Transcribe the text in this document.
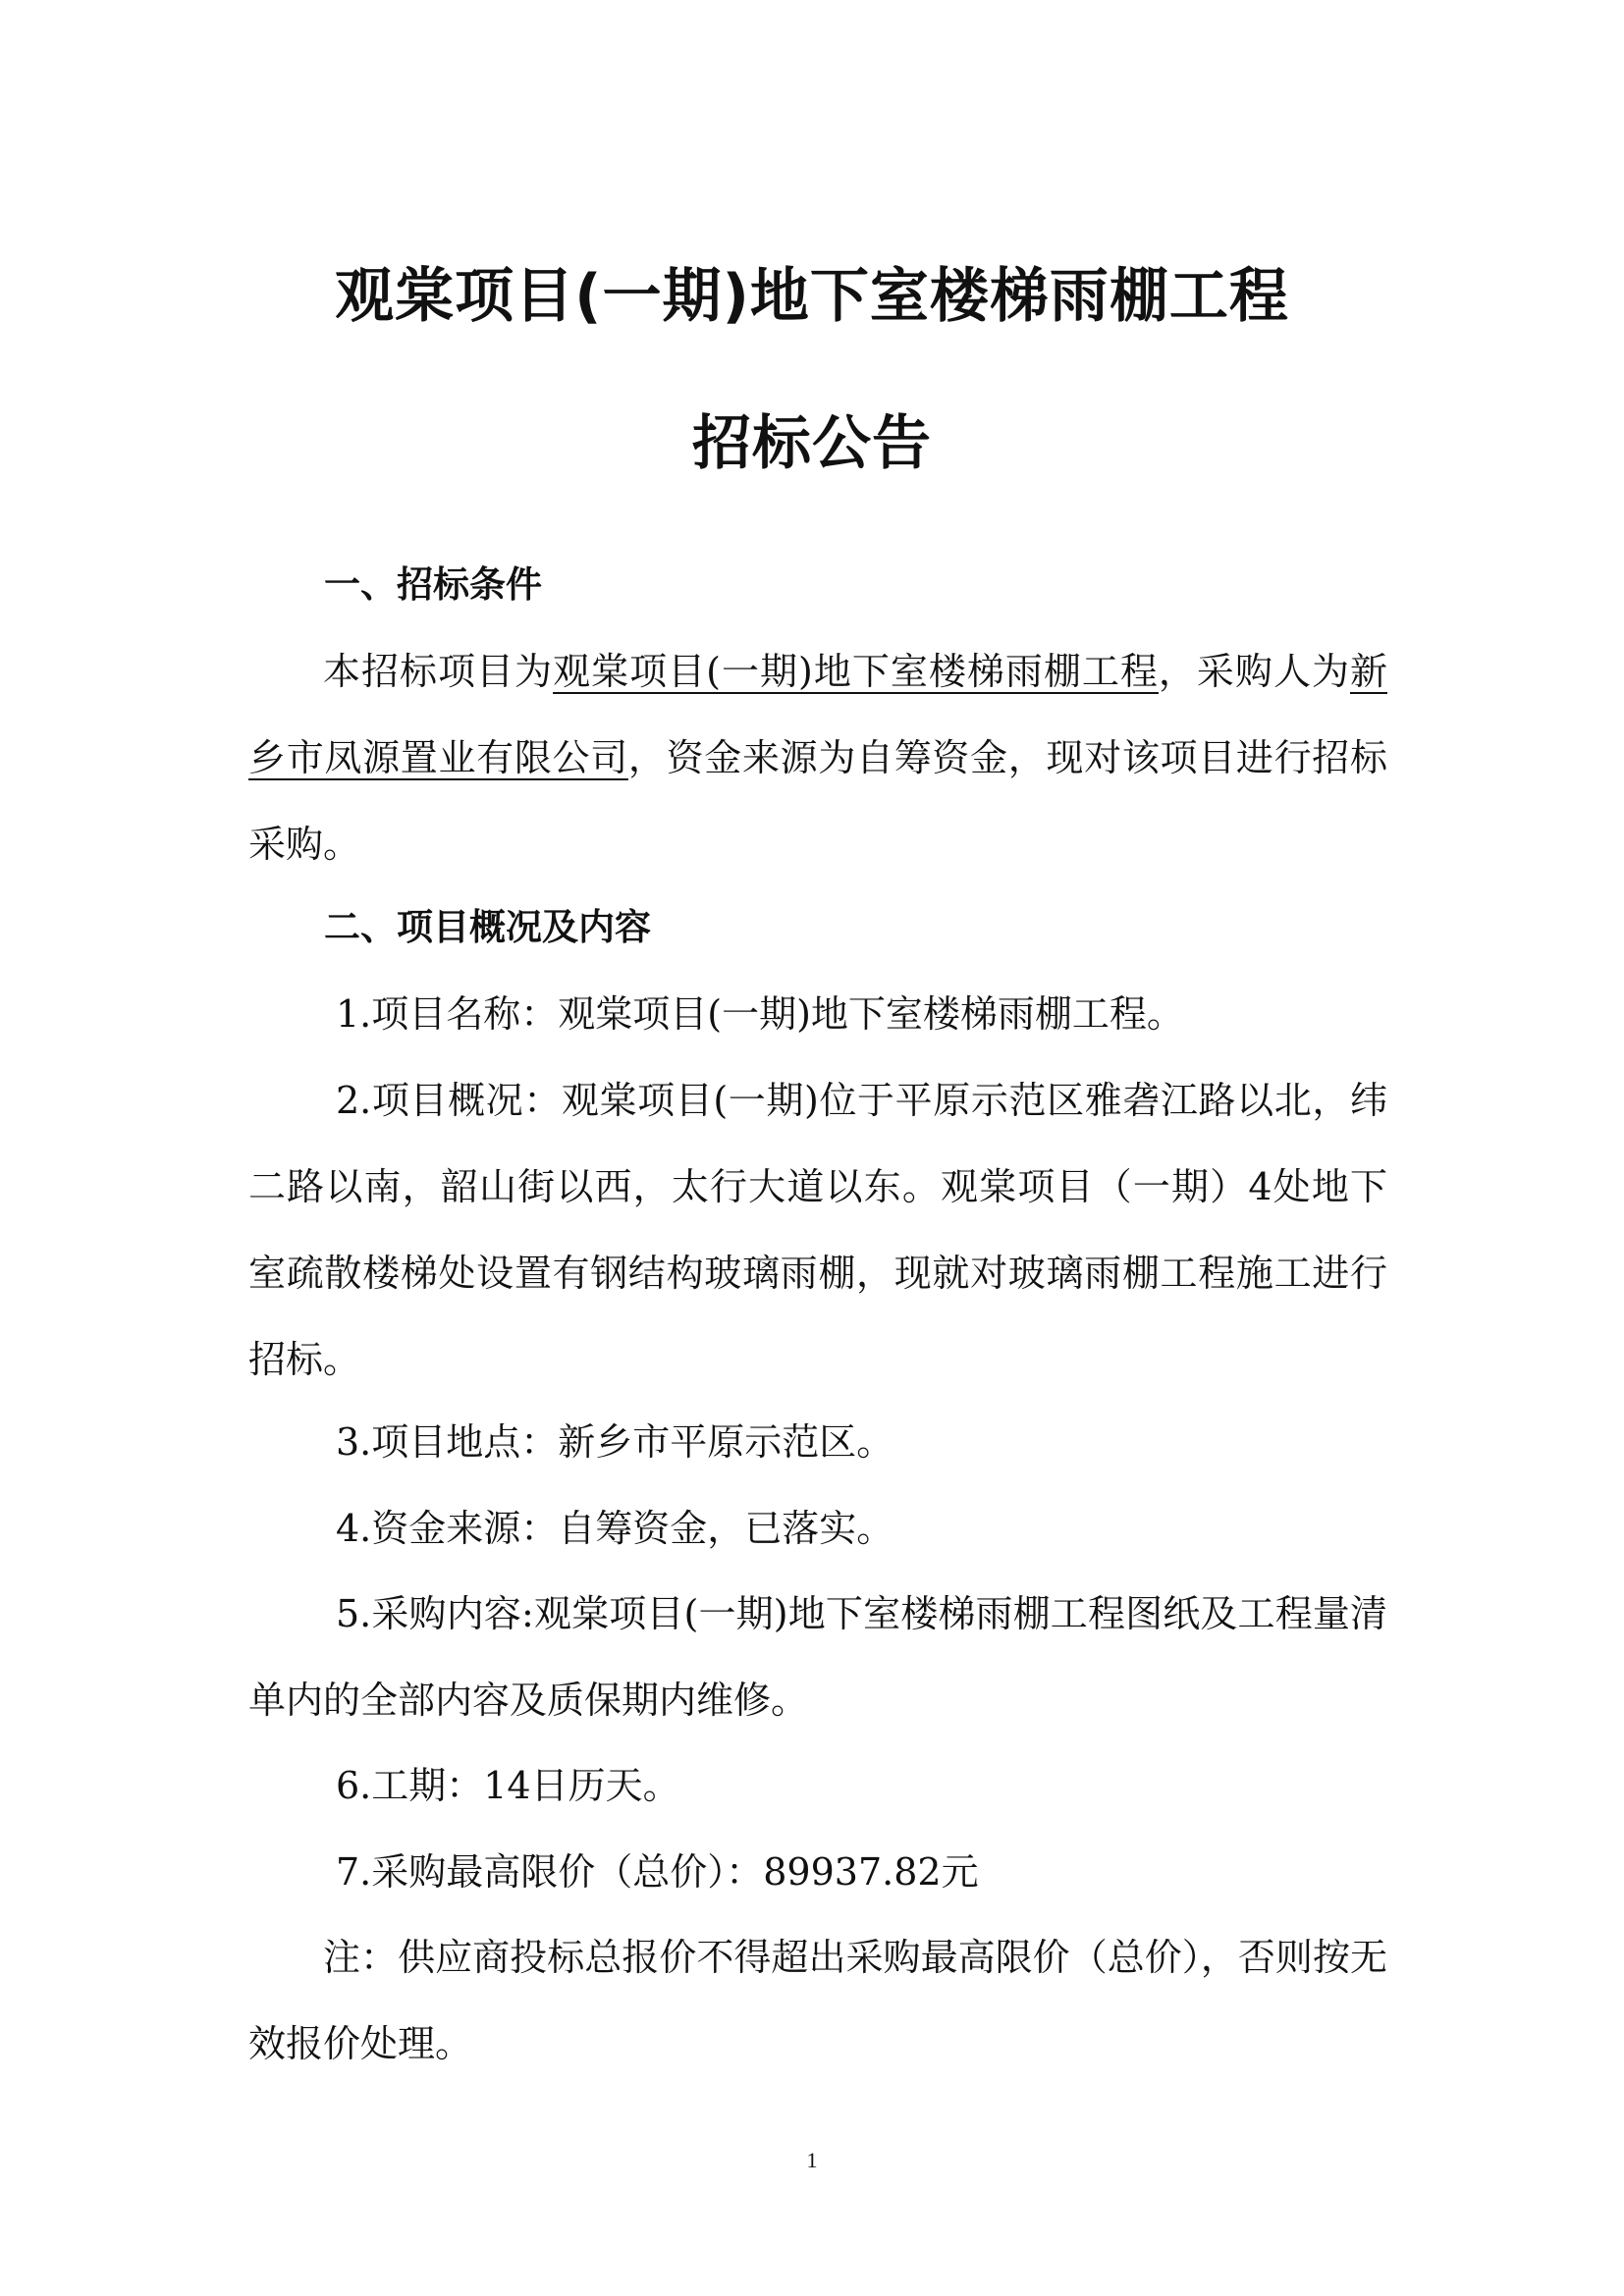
观棠项目(一期)地下室楼梯雨棚工程
招标公告
一、招标条件
本招标项目为观棠项目(一期)地下室楼梯雨棚工程，采购人为新乡市凤源置业有限公司，资金来源为自筹资金，现对该项目进行招标采购。
二、项目概况及内容
1.项目名称：观棠项目(一期)地下室楼梯雨棚工程。
2.项目概况：观棠项目(一期)位于平原示范区雅砻江路以北，纬二路以南，韶山街以西，太行大道以东。观棠项目（一期）4处地下室疏散楼梯处设置有钢结构玻璃雨棚，现就对玻璃雨棚工程施工进行招标。
3.项目地点：新乡市平原示范区。
4.资金来源：自筹资金，已落实。
5.采购内容:观棠项目(一期)地下室楼梯雨棚工程图纸及工程量清单内的全部内容及质保期内维修。
6.工期：14日历天。
7.采购最高限价（总价）：89937.82元
注：供应商投标总报价不得超出采购最高限价（总价），否则按无效报价处理。
1
